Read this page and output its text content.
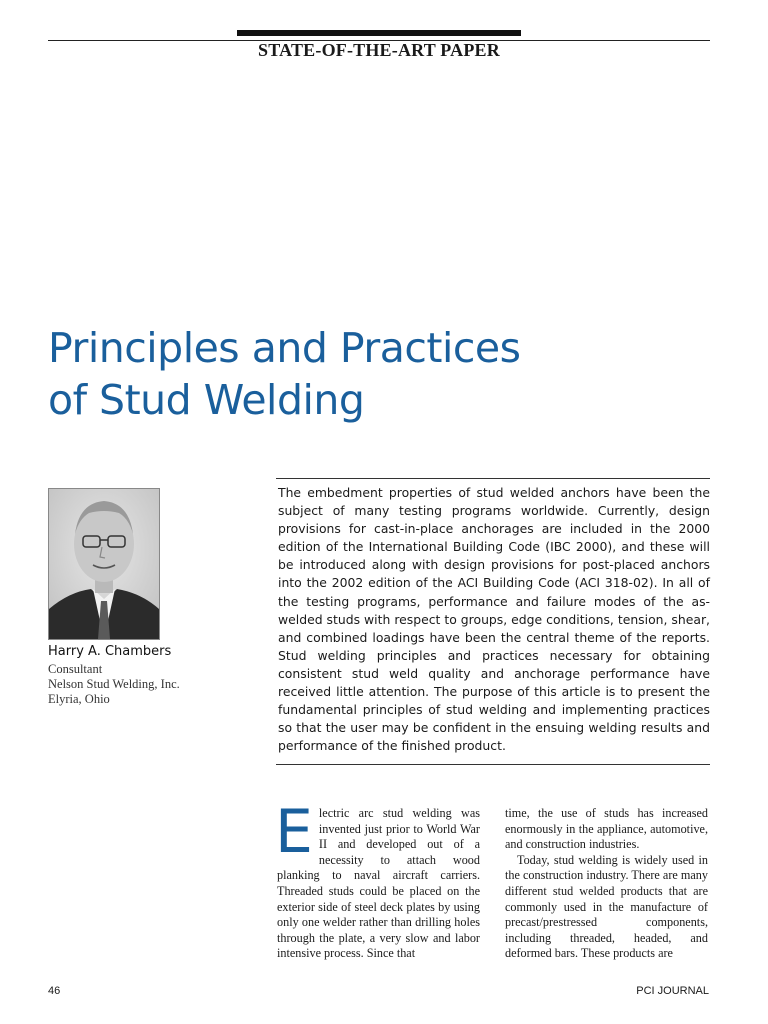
STATE-OF-THE-ART PAPER
Principles and Practices
of Stud Welding
Harry A. Chambers
Consultant
Nelson Stud Welding, Inc.
Elyria, Ohio
The embedment properties of stud welded anchors have been the subject of many testing programs worldwide. Currently, design provisions for cast-in-place anchorages are included in the 2000 edition of the International Building Code (IBC 2000), and these will be introduced along with design provisions for post-placed anchors into the 2002 edition of the ACI Building Code (ACI 318-02). In all of the testing programs, performance and failure modes of the as-welded studs with respect to groups, edge conditions, tension, shear, and combined loadings have been the central theme of the reports. Stud welding principles and practices necessary for obtaining consistent stud weld quality and anchorage performance have received little attention. The purpose of this article is to present the fundamental principles of stud welding and implementing practices so that the user may be confident in the ensuing welding results and performance of the finished product.
E lectric arc stud welding was invented just prior to World War II and developed out of a necessity to attach wood planking to naval aircraft carriers. Threaded studs could be placed on the exterior side of steel deck plates by using only one welder rather than drilling holes through the plate, a very slow and labor intensive process. Since that

time, the use of studs has increased enormously in the appliance, automotive, and construction industries.

Today, stud welding is widely used in the construction industry. There are many different stud welded products that are commonly used in the manufacture of precast/prestressed components, including threaded, headed, and deformed bars. These products are

46	PCI JOURNAL
